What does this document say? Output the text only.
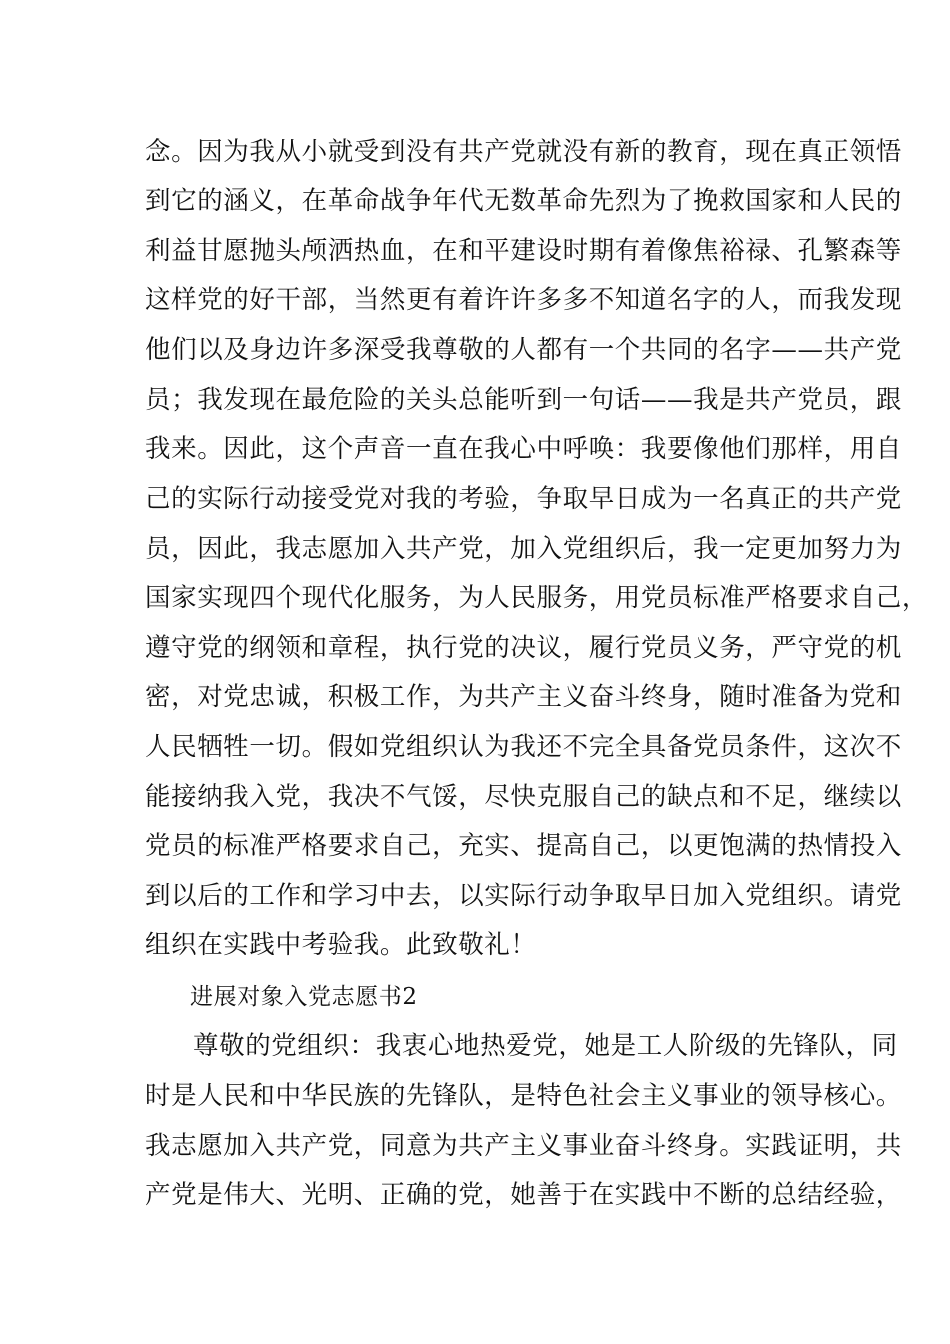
念。因为我从小就受到没有共产党就没有新的教育，现在真正领悟
到它的涵义，在革命战争年代无数革命先烈为了挽救国家和人民的
利益甘愿抛头颅洒热血，在和平建设时期有着像焦裕禄、孔繁森等
这样党的好干部，当然更有着许许多多不知道名字的人，而我发现
他们以及身边许多深受我尊敬的人都有一个共同的名字——共产党
员；我发现在最危险的关头总能听到一句话——我是共产党员，跟
我来。因此，这个声音一直在我心中呼唤：我要像他们那样，用自
己的实际行动接受党对我的考验，争取早日成为一名真正的共产党
员，因此，我志愿加入共产党，加入党组织后，我一定更加努力为
国家实现四个现代化服务，为人民服务，用党员标准严格要求自己，
遵守党的纲领和章程，执行党的决议，履行党员义务，严守党的机
密，对党忠诚，积极工作，为共产主义奋斗终身，随时准备为党和
人民牺牲一切。假如党组织认为我还不完全具备党员条件，这次不
能接纳我入党，我决不气馁，尽快克服自己的缺点和不足，继续以
党员的标准严格要求自己，充实、提高自己，以更饱满的热情投入
到以后的工作和学习中去，以实际行动争取早日加入党组织。请党
组织在实践中考验我。此致敬礼！
进展对象入党志愿书2
尊敬的党组织：我衷心地热爱党，她是工人阶级的先锋队，同
时是人民和中华民族的先锋队，是特色社会主义事业的领导核心。
我志愿加入共产党，同意为共产主义事业奋斗终身。实践证明，共
产党是伟大、光明、正确的党，她善于在实践中不断的总结经验，
